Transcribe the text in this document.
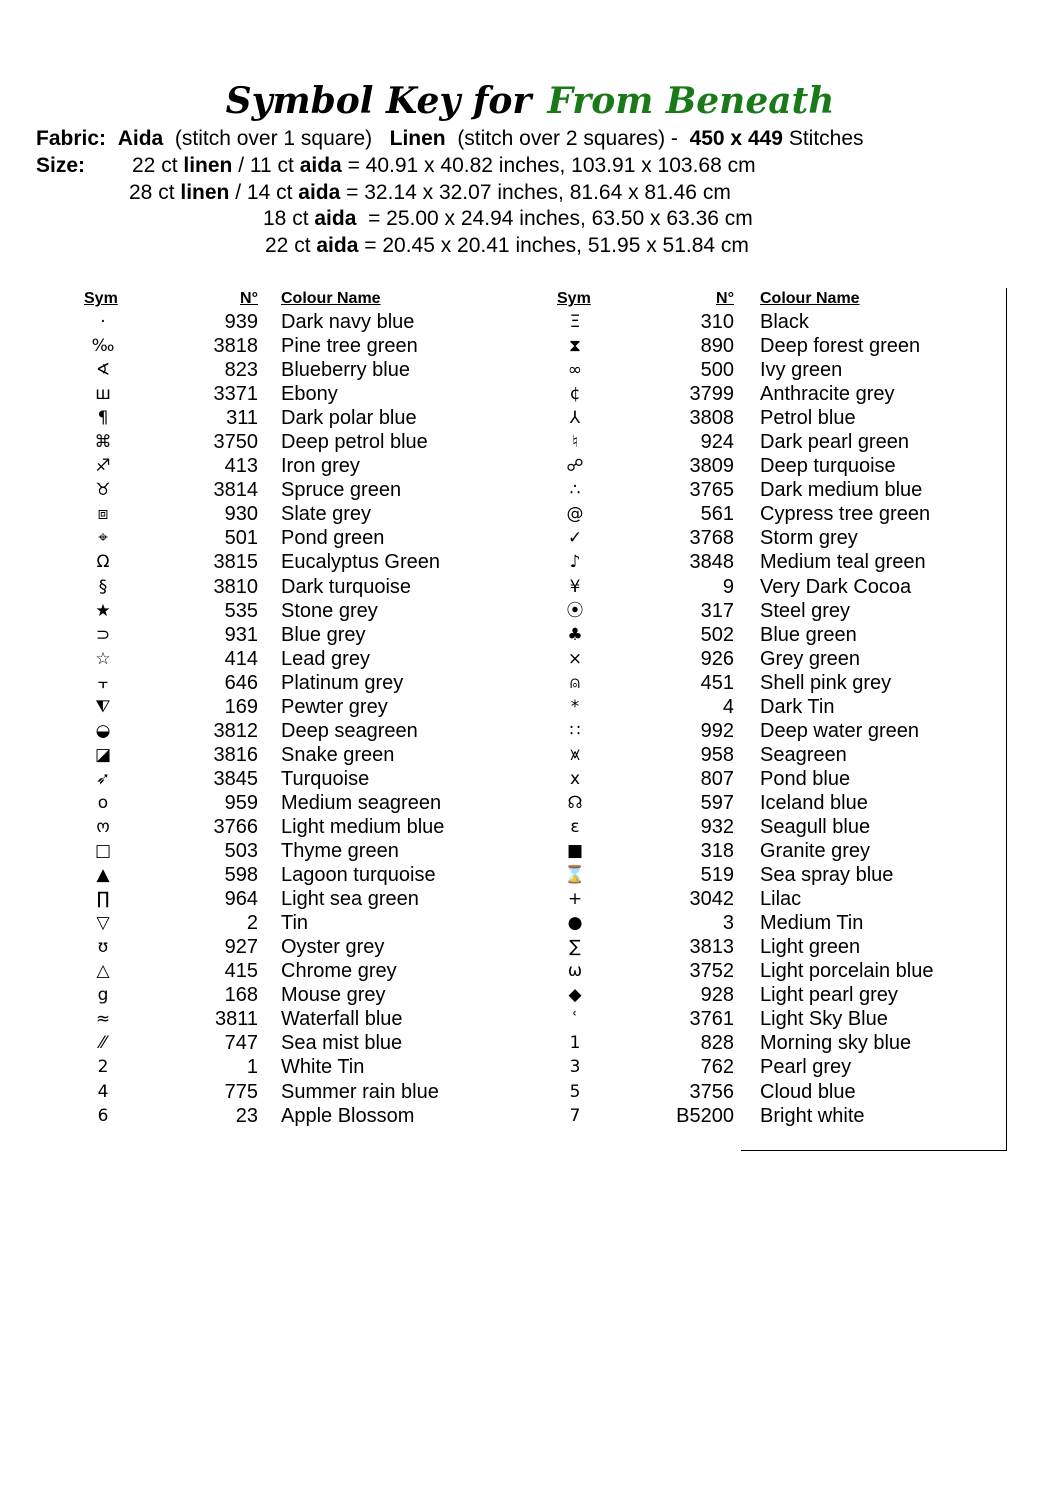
Symbol Key for From Beneath
Fabric: Aida (stitch over 1 square) Linen (stitch over 2 squares) - 450 x 449 Stitches
Size: 22 ct linen / 11 ct aida = 40.91 x 40.82 inches, 103.91 x 103.68 cm
28 ct linen / 14 ct aida = 32.14 x 32.07 inches, 81.64 x 81.46 cm
18 ct aida  = 25.00 x 24.94 inches, 63.50 x 63.36 cm
22 ct aida = 20.45 x 20.41 inches, 51.95 x 51.84 cm
Sym	N° Colour Name	Sym	N° Colour Name
·	939 Dark navy blue
‰	3818 Pine tree green
∢	823 Blueberry blue
ш	3371 Ebony
¶	311 Dark polar blue
⌘	3750 Deep petrol blue
♐	413 Iron grey
♉	3814 Spruce green
⧈	930 Slate grey
⌖	501 Pond green
Ω	3815 Eucalyptus Green
§	3810 Dark turquoise
★	535 Stone grey
⊃	931 Blue grey
☆	414 Lead grey
⫟	646 Platinum grey
⧨	169 Pewter grey
◒	3812 Deep seagreen
◪	3816 Snake green
➶	3845 Turquoise
o	959 Medium seagreen
ო	3766 Light medium blue
□	503 Thyme green
▲	598 Lagoon turquoise
∏	964 Light sea green
▽	2 Tin
ʊ	927 Oyster grey
△	415 Chrome grey
g	168 Mouse grey
≈	3811 Waterfall blue
⁄⁄	747 Sea mist blue
2	1 White Tin
4	775 Summer rain blue
6	23 Apple Blossom
Ξ	310 Black
⧗	890 Deep forest green
∞	500 Ivy green
¢	3799 Anthracite grey
⅄	3808 Petrol blue
♮	924 Dark pearl green
☍	3809 Deep turquoise
∴	3765 Dark medium blue
@	561 Cypress tree green
✓	3768 Storm grey
♪	3848 Medium teal green
¥	9 Very Dark Cocoa
⦿	317 Steel grey
♣	502 Blue green
⨯	926 Grey green
⍝	451 Shell pink grey
*	4 Dark Tin
∷	992 Deep water green
⩙	958 Seagreen
x	807 Pond blue
☊	597 Iceland blue
ɛ	932 Seagull blue
■	318 Granite grey
⌛	519 Sea spray blue
+	3042 Lilac
●	3 Medium Tin
∑	3813 Light green
ω	3752 Light porcelain blue
◆	928 Light pearl grey
ʿ	3761 Light Sky Blue
1	828 Morning sky blue
3	762 Pearl grey
5	3756 Cloud blue
7	B5200 Bright white
